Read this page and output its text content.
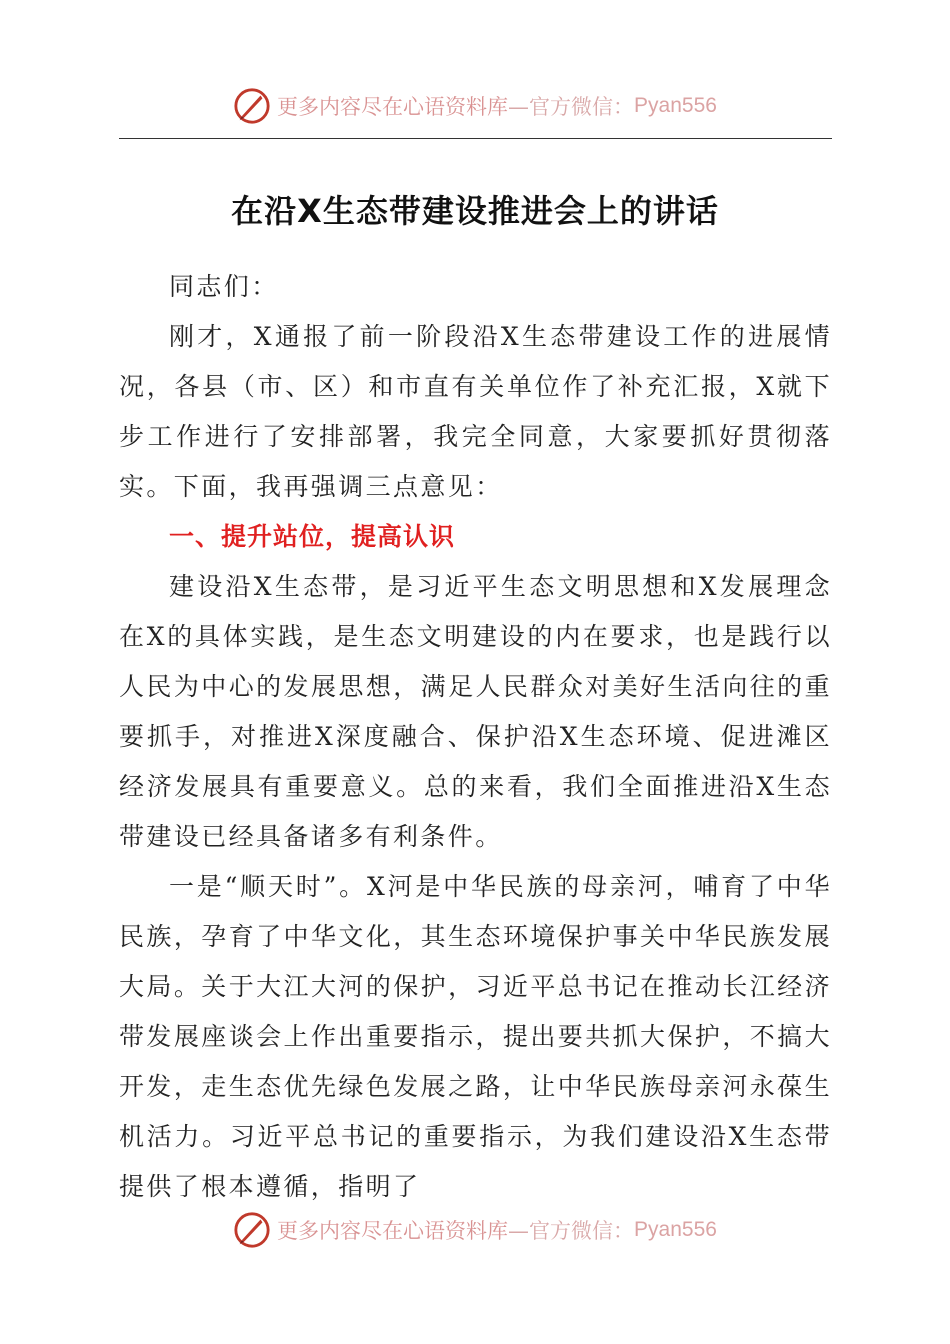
更多内容尽在心语资料库 —官方微信： Pyan556
在沿X生态带建设推进会上的讲话

同志们：

刚才，X通报了前一阶段沿X生态带建设工作的进展情况，各县（市、区）和市直有关单位作了补充汇报，X就下步工作进行了安排部署，我完全同意，大家要抓好贯彻落实。下面，我再强调三点意见：

一、提升站位，提高认识

建设沿X生态带，是习近平生态文明思想和X发展理念在X的具体实践，是生态文明建设的内在要求，也是践行以人民为中心的发展思想，满足人民群众对美好生活向往的重要抓手，对推进X深度融合、保护沿X生态环境、促进滩区经济发展具有重要意义。总的来看，我们全面推进沿X生态带建设已经具备诸多有利条件。

一是“顺天时”。X河是中华民族的母亲河，哺育了中华民族，孕育了中华文化，其生态环境保护事关中华民族发展大局。关于大江大河的保护，习近平总书记在推动长江经济带发展座谈会上作出重要指示，提出要共抓大保护，不搞大开发，走生态优先绿色发展之路，让中华民族母亲河永葆生机活力。习近平总书记的重要指示，为我们建设沿X生态带提供了根本遵循，指明了

更多内容尽在心语资料库 —官方微信： Pyan556
